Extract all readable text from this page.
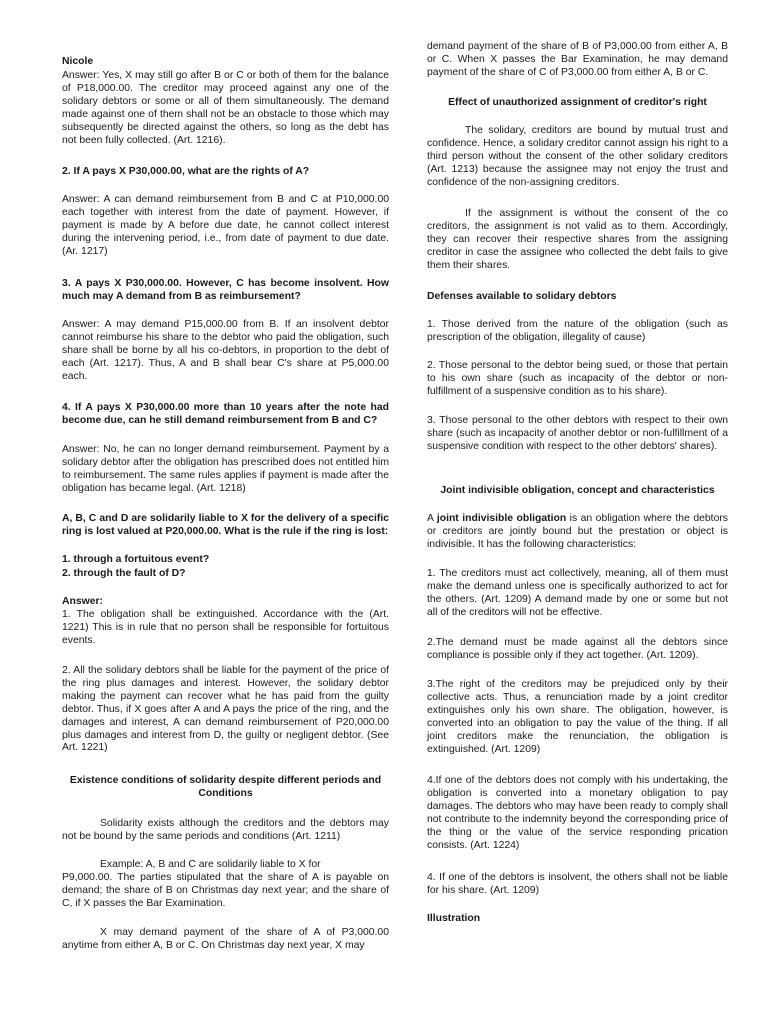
Nicole

Answer: Yes, X may still go after B or C or both of them for the balance of P18,000.00. The creditor may proceed against any one of the solidary debtors or some or all of them simultaneously. The demand made against one of them shall not be an obstacle to those which may subsequently be directed against the others, so long as the debt has not been fully collected. (Art. 1216).

2. If A pays X P30,000.00, what are the rights of A?

Answer: A can demand reimbursement from B and C at P10,000.00 each together with interest from the date of payment. However, if payment is made by A before due date, he cannot collect interest during the intervening period, i.e., from date of payment to due date. (Ar. 1217)

3. A pays X P30,000.00. However, C has become insolvent. How much may A demand from B as reimbursement?

Answer: A may demand P15,000.00 from B. If an insolvent debtor cannot reimburse his share to the debtor who paid the obligation, such share shall be borne by all his co-debtors, in proportion to the debt of each (Art. 1217). Thus, A and B shall bear C's share at P5,000.00 each.

4. If A pays X P30,000.00 more than 10 years after the note had become due, can he still demand reimbursement from B and C?

Answer: No, he can no longer demand reimbursement. Payment by a solidary debtor after the obligation has prescribed does not entitled him to reimbursement. The same rules applies if payment is made after the obligation has became legal. (Art. 1218)

A, B, C and D are solidarily liable to X for the delivery of a specific ring is lost valued at P20,000.00. What is the rule if the ring is lost:

1. through a fortuitous event?

2. through the fault of D?

Answer:

1. The obligation shall be extinguished. Accordance with the (Art. 1221) This is in rule that no person shall be responsible for fortuitous events.

2. All the solidary debtors shall be liable for the payment of the price of the ring plus damages and interest. However, the solidary debtor making the payment can recover what he has paid from the guilty debtor. Thus, if X goes after A and A pays the price of the ring, and the damages and interest, A can demand reimbursement of P20,000.00 plus damages and interest from D, the guilty or negligent debtor. (See Art. 1221)

Existence conditions of solidarity despite different periods and Conditions

Solidarity exists although the creditors and the debtors may not be bound by the same periods and conditions (Art. 1211)

Example: A, B and C are solidarily liable to X for

P9,000.00. The parties stipulated that the share of A is payable on demand; the share of B on Christmas day next year; and the share of C, if X passes the Bar Examination.

X may demand payment of the share of A of P3,000.00 anytime from either A, B or C. On Christmas day next year, X may

demand payment of the share of B of P3,000.00 from either A, B or C. When X passes the Bar Examination, he may demand payment of the share of C of P3,000.00 from either A, B or C.

Effect of unauthorized assignment of creditor's right

The solidary, creditors are bound by mutual trust and confidence. Hence, a solidary creditor cannot assign his right to a third person without the consent of the other solidary creditors (Art. 1213) because the assignee may not enjoy the trust and confidence of the non-assigning creditors.

If the assignment is without the consent of the co creditors, the assignment is not valid as to them. Accordingly, they can recover their respective shares from the assigning creditor in case the assignee who collected the debt fails to give them their shares.

Defenses available to solidary debtors

1. Those derived from the nature of the obligation (such as prescription of the obligation, illegality of cause)

2. Those personal to the debtor being sued, or those that pertain to his own share (such as incapacity of the debtor or non-fulfillment of a suspensive condition as to his share).

3. Those personal to the other debtors with respect to their own share (such as incapacity of another debtor or non-fulfillment of a suspensive condition with respect to the other debtors' shares).

Joint indivisible obligation, concept and characteristics

A joint indivisible obligation is an obligation where the debtors or creditors are jointly bound but the prestation or object is indivisible. It has the following characteristics:

1. The creditors must act collectively, meaning, all of them must make the demand unless one is specifically authorized to act for the others. (Art. 1209) A demand made by one or some but not all of the creditors will not be effective.

2.The demand must be made against all the debtors since compliance is possible only if they act together. (Art. 1209).

3.The right of the creditors may be prejudiced only by their collective acts. Thus, a renunciation made by a joint creditor extinguishes only his own share. The obligation, however, is converted into an obligation to pay the value of the thing. If all joint creditors make the renunciation, the obligation is extinguished. (Art. 1209)

4.If one of the debtors does not comply with his undertaking, the obligation is converted into a monetary obligation to pay damages. The debtors who may have been ready to comply shall not contribute to the indemnity beyond the corresponding price of the thing or the value of the service responding prication consists. (Art. 1224)

4. If one of the debtors is insolvent, the others shall not be liable for his share. (Art. 1209)

Illustration
